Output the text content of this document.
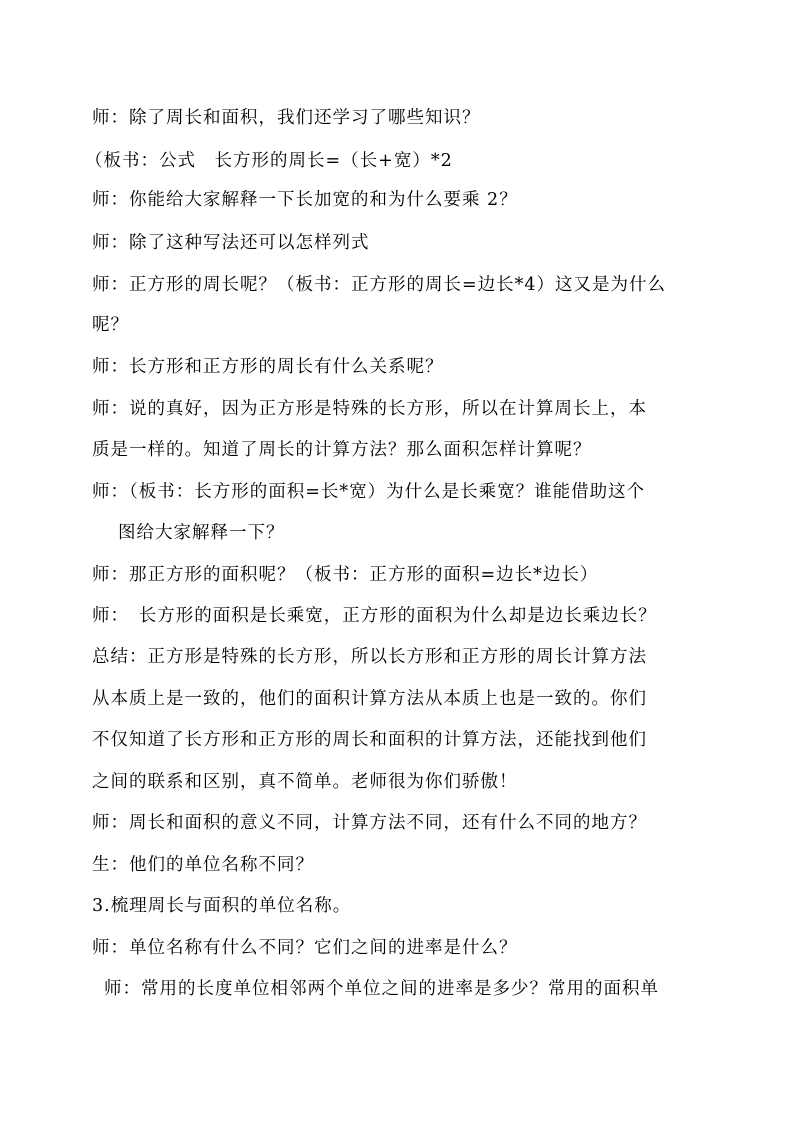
师：除了周长和面积，我们还学习了哪些知识？
（板书：公式　长方形的周长=（长+宽）*2
师：你能给大家解释一下长加宽的和为什么要乘 2？
师：除了这种写法还可以怎样列式
师：正方形的周长呢？（板书：正方形的周长=边长*4）这又是为什么
呢？
师：长方形和正方形的周长有什么关系呢？
师：说的真好，因为正方形是特殊的长方形，所以在计算周长上，本
质是一样的。知道了周长的计算方法？那么面积怎样计算呢？
师：（板书：长方形的面积=长*宽）为什么是长乘宽？谁能借助这个
图给大家解释一下？
师：那正方形的面积呢？（板书：正方形的面积=边长*边长）
师：　长方形的面积是长乘宽，正方形的面积为什么却是边长乘边长？
总结：正方形是特殊的长方形，所以长方形和正方形的周长计算方法
从本质上是一致的，他们的面积计算方法从本质上也是一致的。你们
不仅知道了长方形和正方形的周长和面积的计算方法，还能找到他们
之间的联系和区别，真不简单。老师很为你们骄傲！
师：周长和面积的意义不同，计算方法不同，还有什么不同的地方？
生：他们的单位名称不同？
3.梳理周长与面积的单位名称。
师：单位名称有什么不同？它们之间的进率是什么？
师：常用的长度单位相邻两个单位之间的进率是多少？常用的面积单
